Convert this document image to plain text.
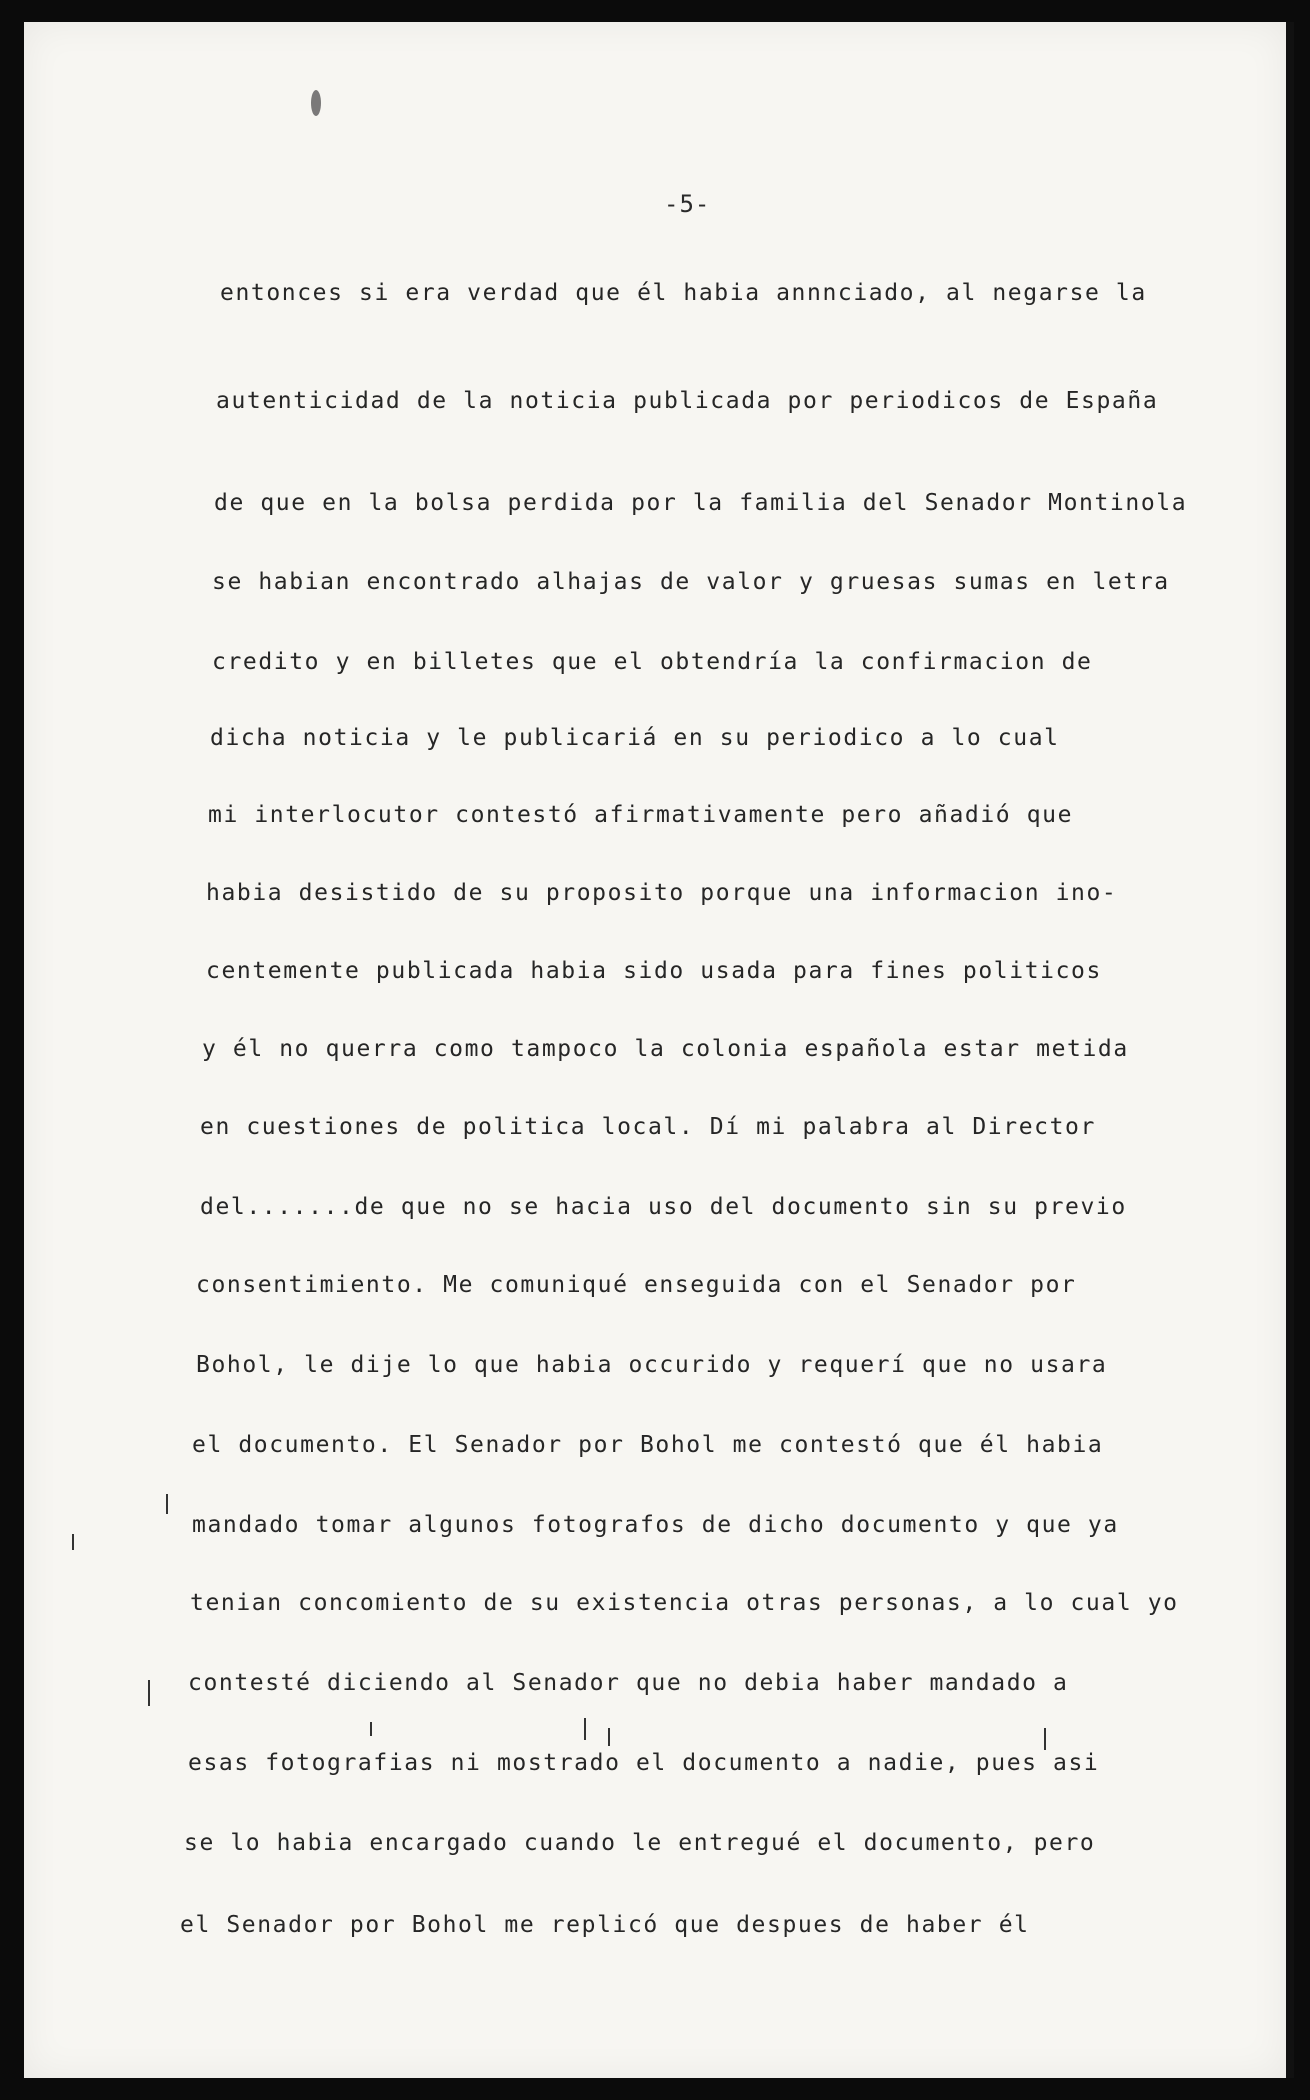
-5-
entonces si era verdad que él habia annnciado, al negarse la
autenticidad de la noticia publicada por periodicos de España
de que en la bolsa perdida por la familia del Senador Montinola
se habian encontrado alhajas de valor y gruesas sumas en letra
credito y en billetes que el obtendría la confirmacion de
dicha noticia y le publicariá en su periodico a lo cual
mi interlocutor contestó afirmativamente pero añadió que
habia desistido de su proposito porque una informacion ino-
centemente publicada habia sido usada para fines politicos
y él no querra como tampoco la colonia española estar metida
en cuestiones de politica local. Dí mi palabra al Director
del.......de que no se hacia uso del documento sin su previo
consentimiento. Me comuniqué enseguida con el Senador por
Bohol, le dije lo que habia occurido y requerí que no usara
el documento. El Senador por Bohol me contestó que él habia
mandado tomar algunos fotografos de dicho documento y que ya
tenian concomiento de su existencia otras personas, a lo cual yo
contesté diciendo al Senador que no debia haber mandado a
esas fotografias ni mostrado el documento a nadie, pues asi
se lo habia encargado cuando le entregué el documento, pero
el Senador por Bohol me replicó que despues de haber él
